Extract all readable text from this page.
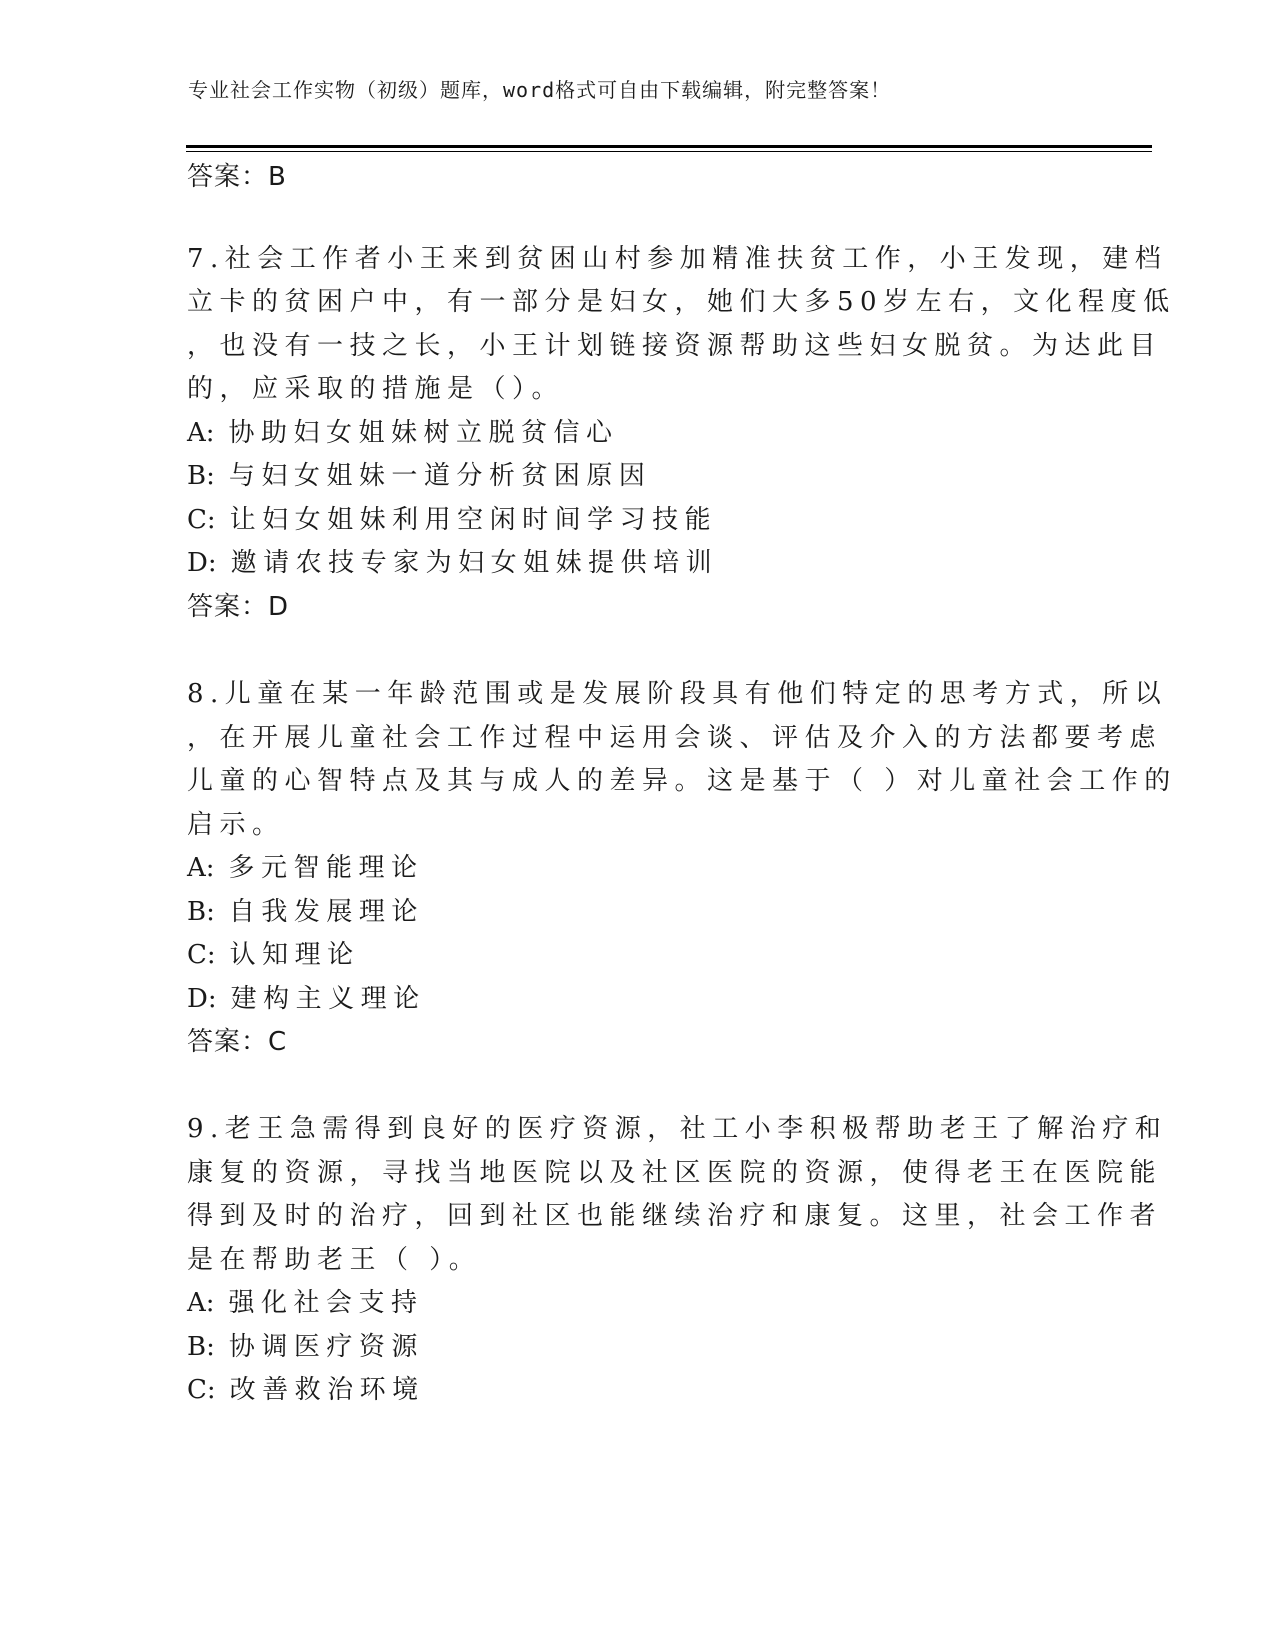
专业社会工作实物（初级）题库，word格式可自由下载编辑，附完整答案！
答案：B
7.社会工作者小王来到贫困山村参加精准扶贫工作，小王发现，建档
立卡的贫困户中，有一部分是妇女，她们大多50岁左右，文化程度低
，也没有一技之长，小王计划链接资源帮助这些妇女脱贫。为达此目
的，应采取的措施是（）。
A: 协助妇女姐妹树立脱贫信心
B: 与妇女姐妹一道分析贫困原因
C: 让妇女姐妹利用空闲时间学习技能
D: 邀请农技专家为妇女姐妹提供培训
答案：D
8.儿童在某一年龄范围或是发展阶段具有他们特定的思考方式，所以
，在开展儿童社会工作过程中运用会谈、评估及介入的方法都要考虑
儿童的心智特点及其与成人的差异。这是基于（ ）对儿童社会工作的
启示。
A: 多元智能理论
B: 自我发展理论
C: 认知理论
D: 建构主义理论
答案：C
9.老王急需得到良好的医疗资源，社工小李积极帮助老王了解治疗和
康复的资源，寻找当地医院以及社区医院的资源，使得老王在医院能
得到及时的治疗，回到社区也能继续治疗和康复。这里，社会工作者
是在帮助老王（ ）。
A: 强化社会支持
B: 协调医疗资源
C: 改善救治环境
